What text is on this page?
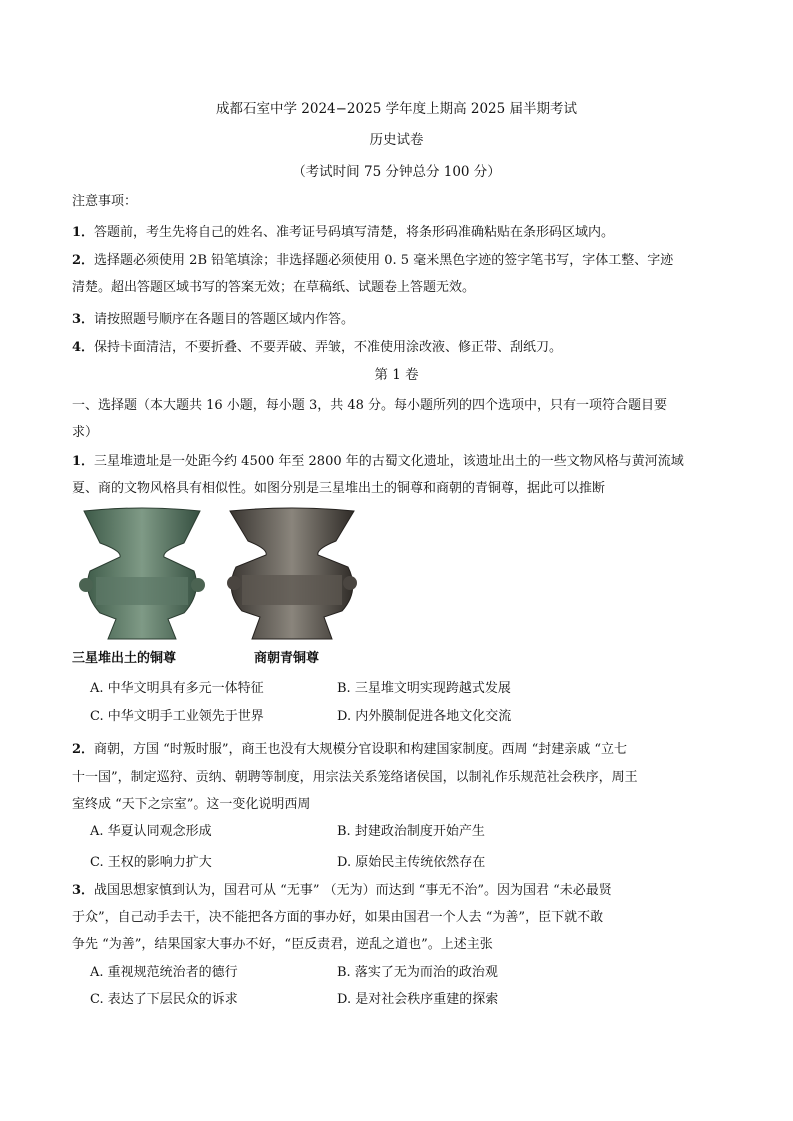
成都石室中学 2024−2025 学年度上期高 2025 届半期考试
历史试卷
（考试时间 75 分钟总分 100 分）
注意事项：
1．答题前，考生先将自己的姓名、准考证号码填写清楚，将条形码准确粘贴在条形码区域内。
2．选择题必须使用 2B 铅笔填涂；非选择题必须使用 0. 5 毫米黑色字迹的签字笔书写，字体工整、字迹
清楚。超出答题区域书写的答案无效；在草稿纸、试题卷上答题无效。
3．请按照题号顺序在各题目的答题区域内作答。
4．保持卡面清洁，不要折叠、不要弄破、弄皱，不准使用涂改液、修正带、刮纸刀。
第 1 卷
一、选择题（本大题共 16 小题，每小题 3，共 48 分。每小题所列的四个选项中，只有一项符合题目要
求）
1．三星堆遗址是一处距今约 4500 年至 2800 年的古蜀文化遗址，该遗址出土的一些文物风格与黄河流域
夏、商的文物风格具有相似性。如图分别是三星堆出土的铜尊和商朝的青铜尊，据此可以推断
三星堆出土的铜尊	商朝青铜尊
A. 中华文明具有多元一体特征	B. 三星堆文明实现跨越式发展
C. 中华文明手工业领先于世界	D. 内外膜制促进各地文化交流
2．商朝，方国 “时叛时服”，商王也没有大规模分官设职和构建国家制度。西周 “封建亲戚 “立七
十一国”，制定巡狩、贡纳、朝聘等制度，用宗法关系笼络诸侯国，以制礼作乐规范社会秩序，周王
室终成 “天下之宗室”。这一变化说明西周
A. 华夏认同观念形成	B. 封建政治制度开始产生
C. 王权的影响力扩大	D. 原始民主传统依然存在
3．战国思想家慎到认为，国君可从 “无事” （无为）而达到 “事无不治”。因为国君 “未必最贤
于众”，自己动手去干，决不能把各方面的事办好，如果由国君一个人去 “为善”，臣下就不敢
争先 “为善”，结果国家大事办不好，“臣反责君，逆乱之道也”。上述主张
A. 重视规范统治者的德行	B. 落实了无为而治的政治观
C. 表达了下层民众的诉求	D. 是对社会秩序重建的探索
